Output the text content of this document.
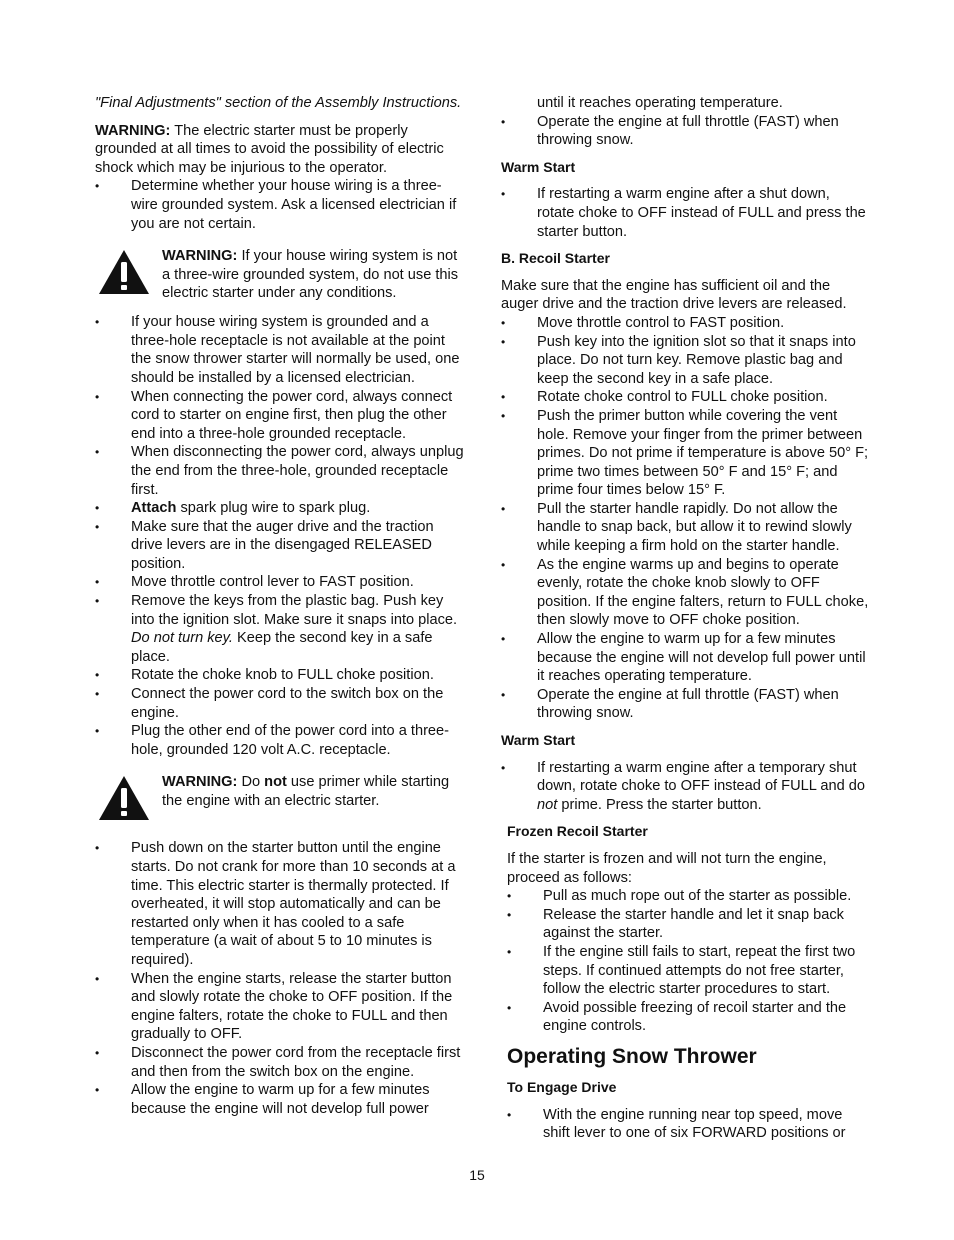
"Final Adjustments" section of the Assembly Instructions.

WARNING: The electric starter must be properly grounded at all times to avoid the possibility of electric shock which may be injurious to the operator.

• Determine whether your house wiring is a three-wire grounded system. Ask a licensed electrician if you are not certain.

WARNING: If your house wiring system is not a three-wire grounded system, do not use this electric starter under any conditions.

• If your house wiring system is grounded and a three-hole receptacle is not available at the point the snow thrower starter will normally be used, one should be installed by a licensed electrician.
• When connecting the power cord, always connect cord to starter on engine first, then plug the other end into a three-hole grounded receptacle.
• When disconnecting the power cord, always unplug the end from the three-hole, grounded receptacle first.
• Attach spark plug wire to spark plug.
• Make sure that the auger drive and the traction drive levers are in the disengaged RELEASED position.
• Move throttle control lever to FAST position.
• Remove the keys from the plastic bag. Push key into the ignition slot. Make sure it snaps into place. Do not turn key. Keep the second key in a safe place.
• Rotate the choke knob to FULL choke position.
• Connect the power cord to the switch box on the engine.
• Plug the other end of the power cord into a three-hole, grounded 120 volt A.C. receptacle.

WARNING: Do not use primer while starting the engine with an electric starter.

• Push down on the starter button until the engine starts. Do not crank for more than 10 seconds at a time. This electric starter is thermally protected. If overheated, it will stop automatically and can be restarted only when it has cooled to a safe temperature (a wait of about 5 to 10 minutes is required).
• When the engine starts, release the starter button and slowly rotate the choke to OFF position. If the engine falters, rotate the choke to FULL and then gradually to OFF.
• Disconnect the power cord from the receptacle first and then from the switch box on the engine.
• Allow the engine to warm up for a few minutes because the engine will not develop full power

until it reaches operating temperature.

• Operate the engine at full throttle (FAST) when throwing snow.

Warm Start

• If restarting a warm engine after a shut down, rotate choke to OFF instead of FULL and press the starter button.

B. Recoil Starter

Make sure that the engine has sufficient oil and the auger drive and the traction drive levers are released.

• Move throttle control to FAST position.
• Push key into the ignition slot so that it snaps into place. Do not turn key. Remove plastic bag and keep the second key in a safe place.
• Rotate choke control to FULL choke position.
• Push the primer button while covering the vent hole. Remove your finger from the primer between primes. Do not prime if temperature is above 50° F; prime two times between 50° F and 15° F; and prime four times below 15° F.
• Pull the starter handle rapidly. Do not allow the handle to snap back, but allow it to rewind slowly while keeping a firm hold on the starter handle.
• As the engine warms up and begins to operate evenly, rotate the choke knob slowly to OFF position. If the engine falters, return to FULL choke, then slowly move to OFF choke position.
• Allow the engine to warm up for a few minutes because the engine will not develop full power until it reaches operating temperature.
• Operate the engine at full throttle (FAST) when throwing snow.

Warm Start

• If restarting a warm engine after a temporary shut down, rotate choke to OFF instead of FULL and do not prime. Press the starter button.

Frozen Recoil Starter

If the starter is frozen and will not turn the engine, proceed as follows:

• Pull as much rope out of the starter as possible.
• Release the starter handle and let it snap back against the starter.
• If the engine still fails to start, repeat the first two steps. If continued attempts do not free starter, follow the electric starter procedures to start.
• Avoid possible freezing of recoil starter and the engine controls.

Operating Snow Thrower

To Engage Drive

• With the engine running near top speed, move shift lever to one of six FORWARD positions or
15
